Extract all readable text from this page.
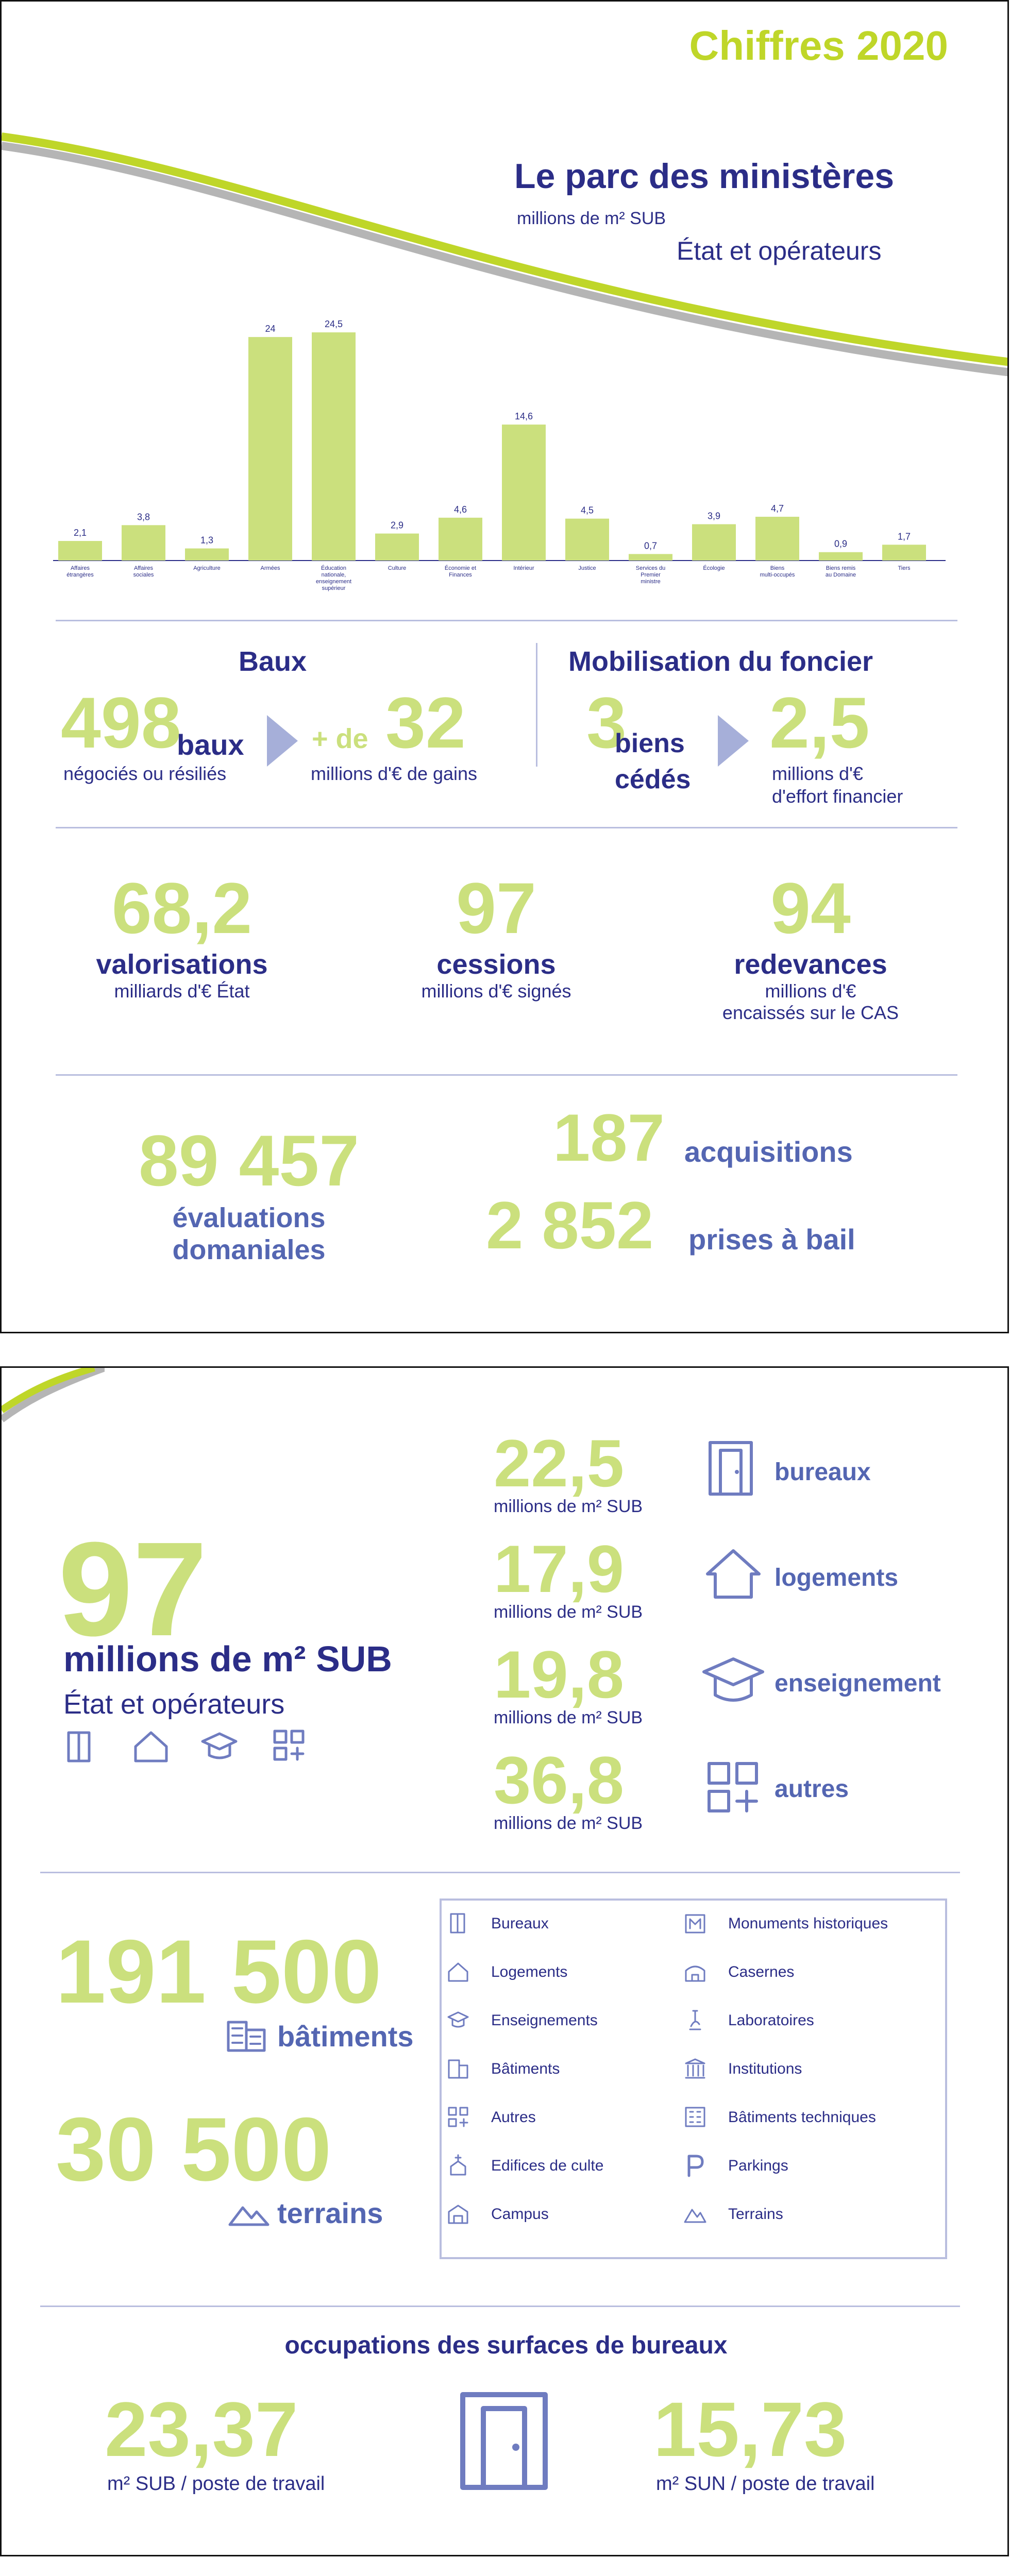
Chiffres 2020
Le parc des ministères
millions de m² SUB
État et opérateurs
2,1
Affaires étrangères
3,8
Affaires sociales
1,3
Agriculture
24
Armées
24,5
Éducation nationale, enseignement supérieur
2,9
Culture
4,6
Économie et Finances
14,6
Intérieur
4,5
Justice
0,7
Services du Premier ministre
3,9
Écologie
4,7
Biens multi-occupés
0,9
Biens remis au Domaine
1,7
Tiers
Baux
498
baux
négociés ou résiliés
+ de 32
millions d'€ de gains
Mobilisation du foncier
3
biens
cédés
2,5
millions d'€
d'effort financier
68,2
valorisations
milliards d'€ État
97
cessions
millions d'€ signés
94
redevances
millions d'€
encaissés sur le CAS
89 457
évaluations
domaniales
187 acquisitions
2 852 prises à bail
97
millions de m² SUB
État et opérateurs
22,5
millions de m² SUB
bureaux
17,9
millions de m² SUB
logements
19,8
millions de m² SUB
enseignement
36,8
millions de m² SUB
autres
191 500
bâtiments
30 500
terrains
Bureaux
Logements
Enseignements
Bâtiments
Autres
Edifices de culte
Campus
Monuments historiques
Casernes
Laboratoires
Institutions
Bâtiments techniques
Parkings
Terrains
occupations des surfaces de bureaux
23,37
m² SUB / poste de travail
15,73
m² SUN / poste de travail
